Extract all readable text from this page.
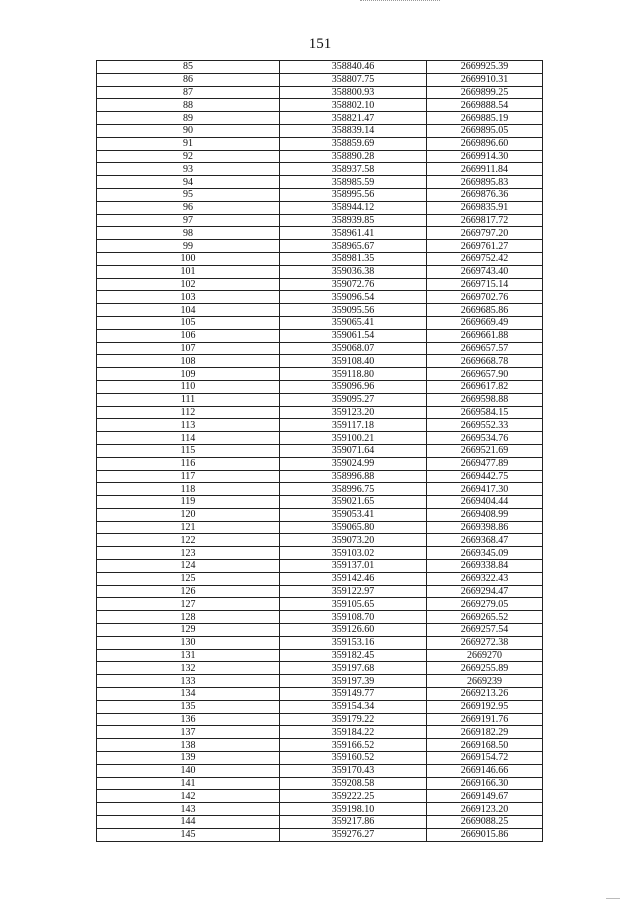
151
85	358840.46	2669925.39
86	358807.75	2669910.31
87	358800.93	2669899.25
88	358802.10	2669888.54
89	358821.47	2669885.19
90	358839.14	2669895.05
91	358859.69	2669896.60
92	358890.28	2669914.30
93	358937.58	2669911.84
94	358985.59	2669895.83
95	358995.56	2669876.36
96	358944.12	2669835.91
97	358939.85	2669817.72
98	358961.41	2669797.20
99	358965.67	2669761.27
100	358981.35	2669752.42
101	359036.38	2669743.40
102	359072.76	2669715.14
103	359096.54	2669702.76
104	359095.56	2669685.86
105	359065.41	2669669.49
106	359061.54	2669661.88
107	359068.07	2669657.57
108	359108.40	2669668.78
109	359118.80	2669657.90
110	359096.96	2669617.82
111	359095.27	2669598.88
112	359123.20	2669584.15
113	359117.18	2669552.33
114	359100.21	2669534.76
115	359071.64	2669521.69
116	359024.99	2669477.89
117	358996.88	2669442.75
118	358996.75	2669417.30
119	359021.65	2669404.44
120	359053.41	2669408.99
121	359065.80	2669398.86
122	359073.20	2669368.47
123	359103.02	2669345.09
124	359137.01	2669338.84
125	359142.46	2669322.43
126	359122.97	2669294.47
127	359105.65	2669279.05
128	359108.70	2669265.52
129	359126.60	2669257.54
130	359153.16	2669272.38
131	359182.45	2669270
132	359197.68	2669255.89
133	359197.39	2669239
134	359149.77	2669213.26
135	359154.34	2669192.95
136	359179.22	2669191.76
137	359184.22	2669182.29
138	359166.52	2669168.50
139	359160.52	2669154.72
140	359170.43	2669146.66
141	359208.58	2669166.30
142	359222.25	2669149.67
143	359198.10	2669123.20
144	359217.86	2669088.25
145	359276.27	2669015.86
